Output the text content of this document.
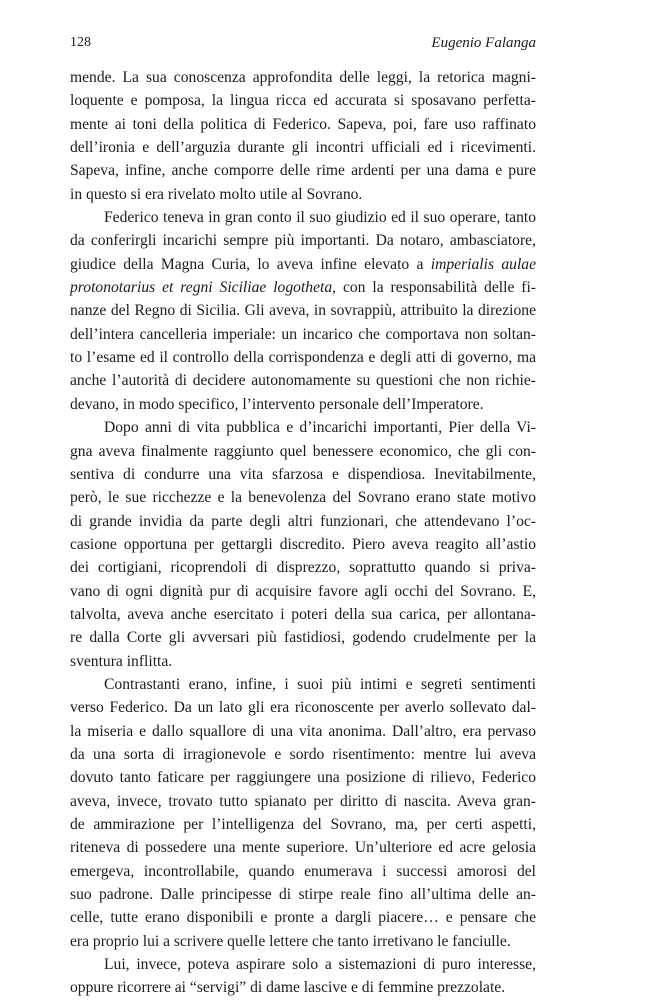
128	Eugenio Falanga
mende. La sua conoscenza approfondita delle leggi, la retorica magni-
loquente e pomposa, la lingua ricca ed accurata si sposavano perfetta-
mente ai toni della politica di Federico. Sapeva, poi, fare uso raffinato
dell’ironia e dell’arguzia durante gli incontri ufficiali ed i ricevimenti.
Sapeva, infine, anche comporre delle rime ardenti per una dama e pure
in questo si era rivelato molto utile al Sovrano.
Federico teneva in gran conto il suo giudizio ed il suo operare, tanto
da conferirgli incarichi sempre più importanti. Da notaro, ambasciatore,
giudice della Magna Curia, lo aveva infine elevato a imperialis aulae
protonotarius et regni Siciliae logotheta, con la responsabilità delle fi-
nanze del Regno di Sicilia. Gli aveva, in sovrappiù, attribuito la direzione
dell’intera cancelleria imperiale: un incarico che comportava non soltan-
to l’esame ed il controllo della corrispondenza e degli atti di governo, ma
anche l’autorità di decidere autonomamente su questioni che non richie-
devano, in modo specifico, l’intervento personale dell’Imperatore.
Dopo anni di vita pubblica e d’incarichi importanti, Pier della Vi-
gna aveva finalmente raggiunto quel benessere economico, che gli con-
sentiva di condurre una vita sfarzosa e dispendiosa. Inevitabilmente,
però, le sue ricchezze e la benevolenza del Sovrano erano state motivo
di grande invidia da parte degli altri funzionari, che attendevano l’oc-
casione opportuna per gettargli discredito. Piero aveva reagito all’astio
dei cortigiani, ricoprendoli di disprezzo, soprattutto quando si priva-
vano di ogni dignità pur di acquisire favore agli occhi del Sovrano. E,
talvolta, aveva anche esercitato i poteri della sua carica, per allontana-
re dalla Corte gli avversari più fastidiosi, godendo crudelmente per la
sventura inflitta.
Contrastanti erano, infine, i suoi più intimi e segreti sentimenti
verso Federico. Da un lato gli era riconoscente per averlo sollevato dal-
la miseria e dallo squallore di una vita anonima. Dall’altro, era pervaso
da una sorta di irragionevole e sordo risentimento: mentre lui aveva
dovuto tanto faticare per raggiungere una posizione di rilievo, Federico
aveva, invece, trovato tutto spianato per diritto di nascita. Aveva gran-
de ammirazione per l’intelligenza del Sovrano, ma, per certi aspetti,
riteneva di possedere una mente superiore. Un’ulteriore ed acre gelosia
emergeva, incontrollabile, quando enumerava i successi amorosi del
suo padrone. Dalle principesse di stirpe reale fino all’ultima delle an-
celle, tutte erano disponibili e pronte a dargli piacere… e pensare che
era proprio lui a scrivere quelle lettere che tanto irretivano le fanciulle.
Lui, invece, poteva aspirare solo a sistemazioni di puro interesse,
oppure ricorrere ai “servigi” di dame lascive e di femmine prezzolate.
